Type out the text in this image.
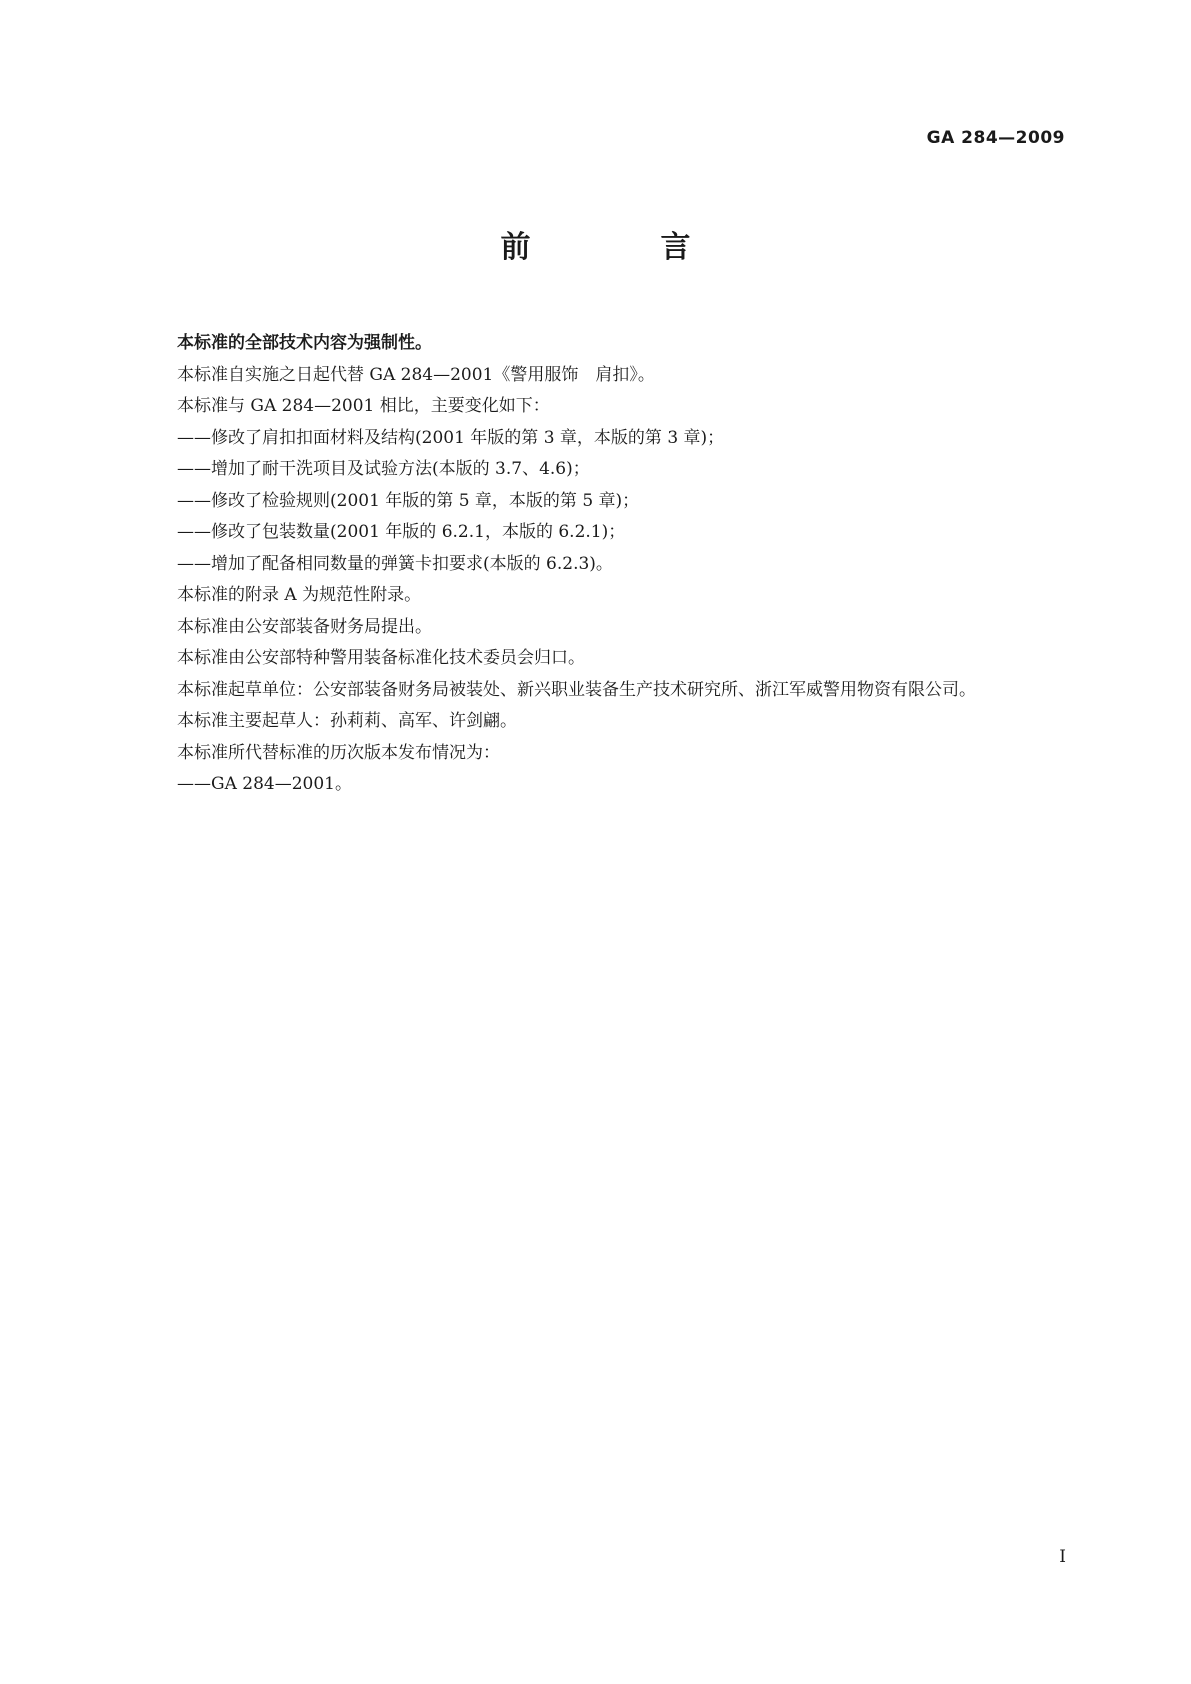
GA 284—2009
前　言

本标准的全部技术内容为强制性。

本标准自实施之日起代替 GA 284—2001《警用服饰　肩扣》。

本标准与 GA 284—2001 相比，主要变化如下：

——修改了肩扣扣面材料及结构(2001 年版的第 3 章，本版的第 3 章)；

——增加了耐干洗项目及试验方法(本版的 3.7、4.6)；

——修改了检验规则(2001 年版的第 5 章，本版的第 5 章)；

——修改了包装数量(2001 年版的 6.2.1，本版的 6.2.1)；

——增加了配备相同数量的弹簧卡扣要求(本版的 6.2.3)。

本标准的附录 A 为规范性附录。

本标准由公安部装备财务局提出。

本标准由公安部特种警用装备标准化技术委员会归口。

本标准起草单位：公安部装备财务局被装处、新兴职业装备生产技术研究所、浙江军威警用物资有限公司。

本标准主要起草人：孙莉莉、高军、许剑翩。

本标准所代替标准的历次版本发布情况为：

——GA 284—2001。

I
